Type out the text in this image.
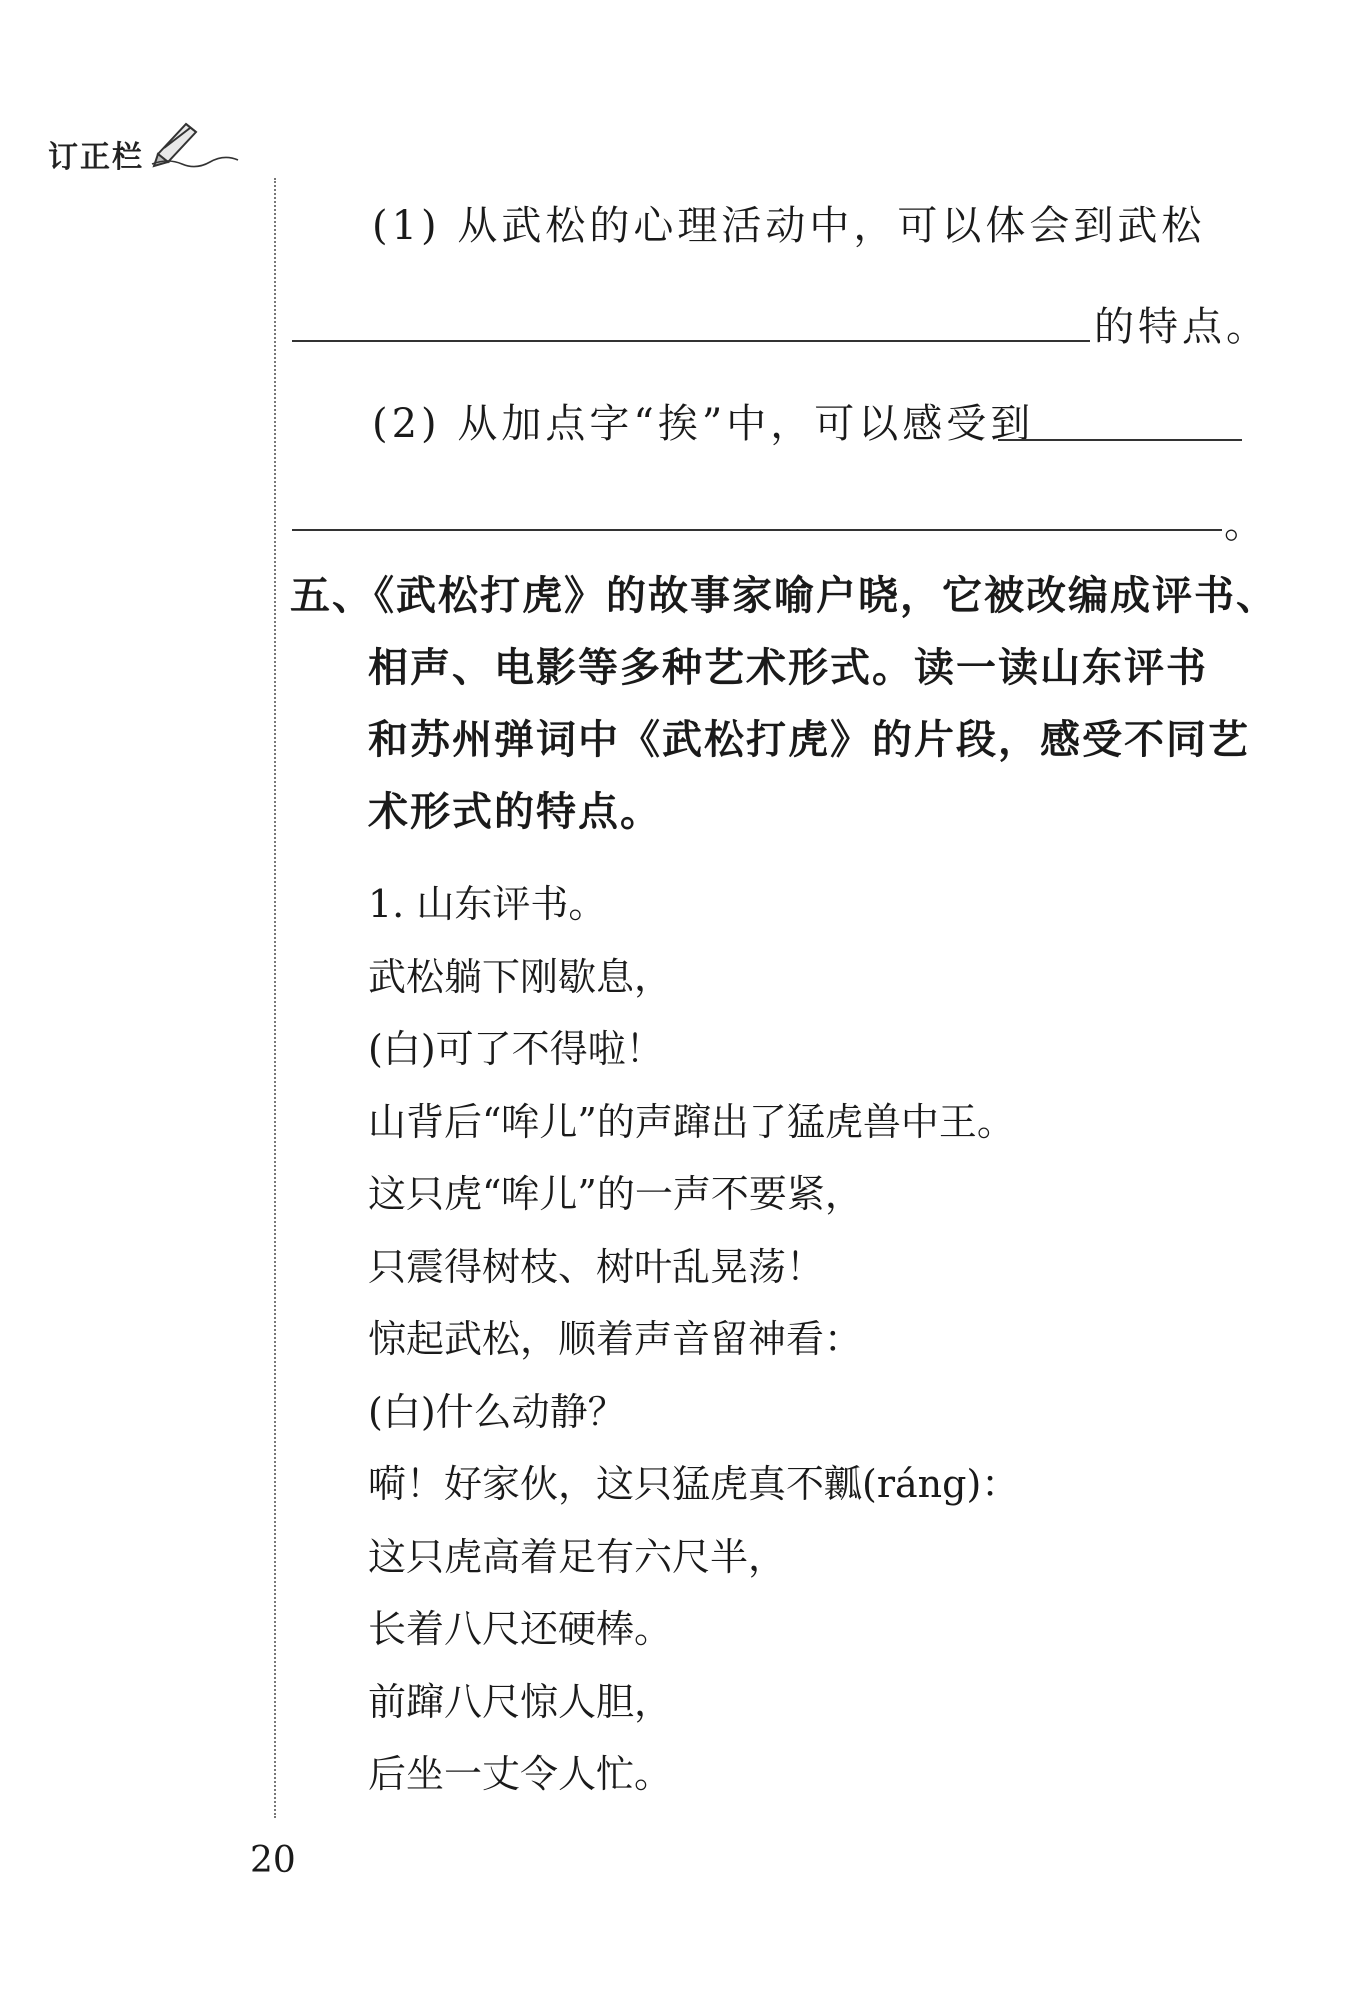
订正栏
(1) 从武松的心理活动中，可以体会到武松
的特点。
(2) 从加点字“挨”中，可以感受到
。
五、《武松打虎》的故事家喻户晓，它被改编成评书、
相声、电影等多种艺术形式。读一读山东评书
和苏州弹词中《武松打虎》的片段，感受不同艺
术形式的特点。
1. 山东评书。
武松躺下刚歇息，
(白)可了不得啦！
山背后“哞儿”的声蹿出了猛虎兽中王。
这只虎“哞儿”的一声不要紧，
只震得树枝、树叶乱晃荡！
惊起武松，顺着声音留神看：
(白)什么动静？
嗬！好家伙，这只猛虎真不瓤(ráng)：
这只虎高着足有六尺半，
长着八尺还硬棒。
前蹿八尺惊人胆，
后坐一丈令人忙。
20
